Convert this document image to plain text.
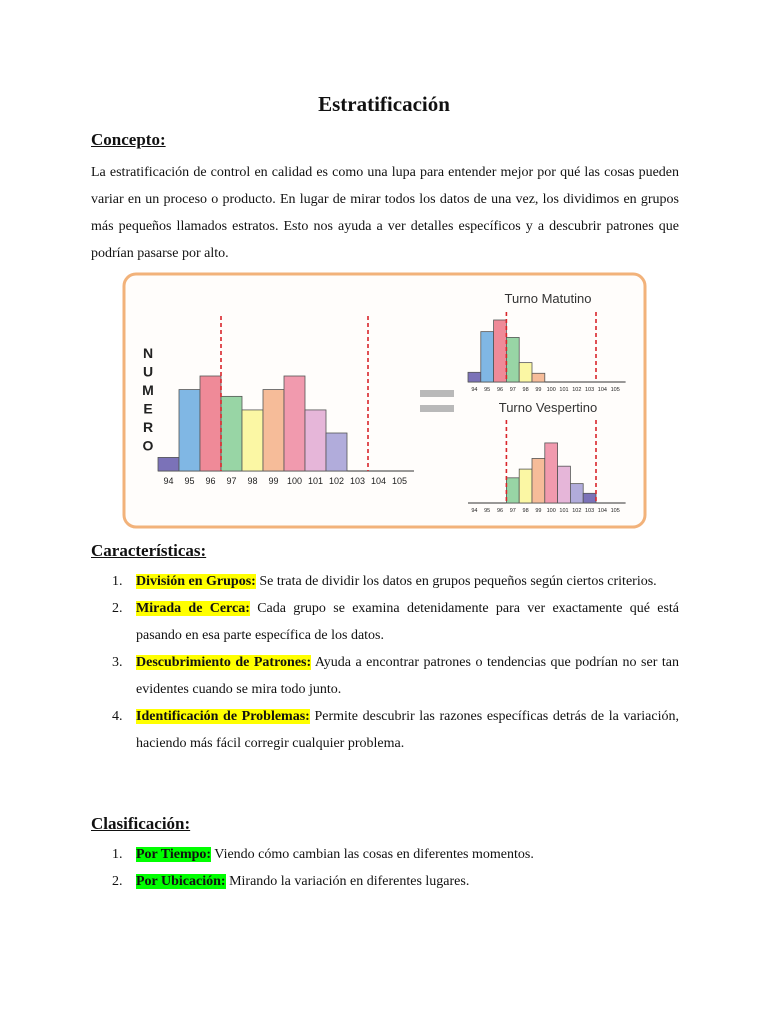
Estratificación
Concepto:
La estratificación de control en calidad es como una lupa para entender mejor por qué las cosas pueden variar en un proceso o producto. En lugar de mirar todos los datos de una vez, los dividimos en grupos más pequeños llamados estratos. Esto nos ayuda a ver detalles específicos y a descubrir patrones que podrían pasarse por alto.
N
U
M
E
R
O
94 95 96 97 98 99 100 101 102 103 104 105
94 95 96 97 98 99 100 101 102 103 104 105
Turno Matutino
94 95 96 97 98 99 100 101 102 103 104 105
Turno Vespertino
Características:
1. División en Grupos: Se trata de dividir los datos en grupos pequeños según ciertos criterios.
2. Mirada de Cerca: Cada grupo se examina detenidamente para ver exactamente qué está pasando en esa parte específica de los datos.
3. Descubrimiento de Patrones: Ayuda a encontrar patrones o tendencias que podrían no ser tan evidentes cuando se mira todo junto.
4. Identificación de Problemas: Permite descubrir las razones específicas detrás de la variación, haciendo más fácil corregir cualquier problema.
Clasificación:
1. Por Tiempo: Viendo cómo cambian las cosas en diferentes momentos.
2. Por Ubicación: Mirando la variación en diferentes lugares.
